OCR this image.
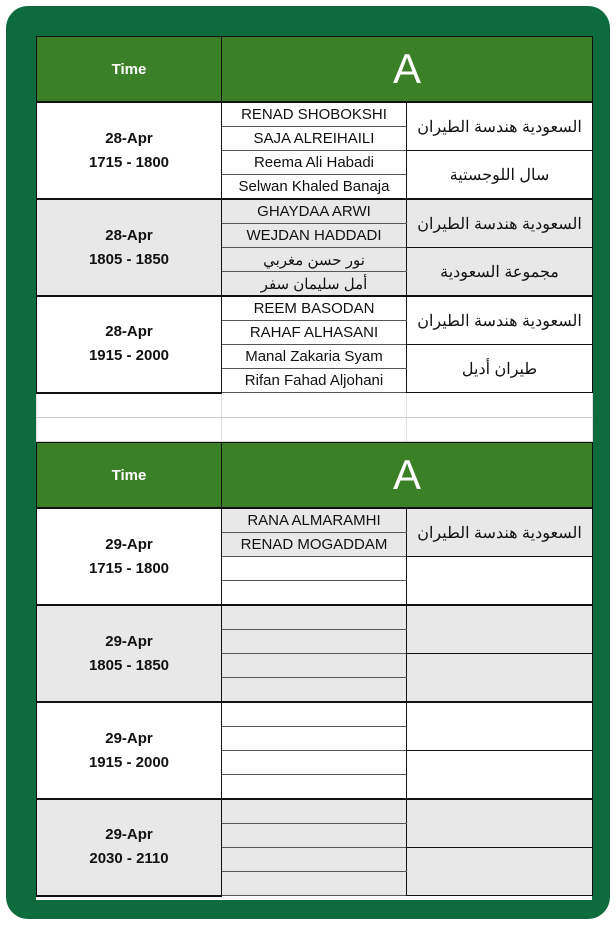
Time	A	

28-Apr
1715 - 1800	RENAD SHOBOKSHI	السعودية هندسة الطيران
	SAJA ALREIHAILI	
	Reema Ali Habadi	سال اللوجستية
	Selwan Khaled Banaja	

28-Apr
1805 - 1850	GHAYDAA ARWI	السعودية هندسة الطيران
	WEJDAN HADDADI	
	نور حسن مغربي	مجموعة السعودية
	أمل سليمان سفر	

28-Apr
1915 - 2000	REEM BASODAN	السعودية هندسة الطيران
	RAHAF ALHASANI	
	Manal Zakaria Syam	طيران أديل
	Rifan Fahad Aljohani	

Time	A	

29-Apr
1715 - 1800	RANA ALMARAMHI	السعودية هندسة الطيران
	RENAD MOGADDAM	

29-Apr
1805 - 1850		

29-Apr
1915 - 2000		

29-Apr
2030 - 2110		
